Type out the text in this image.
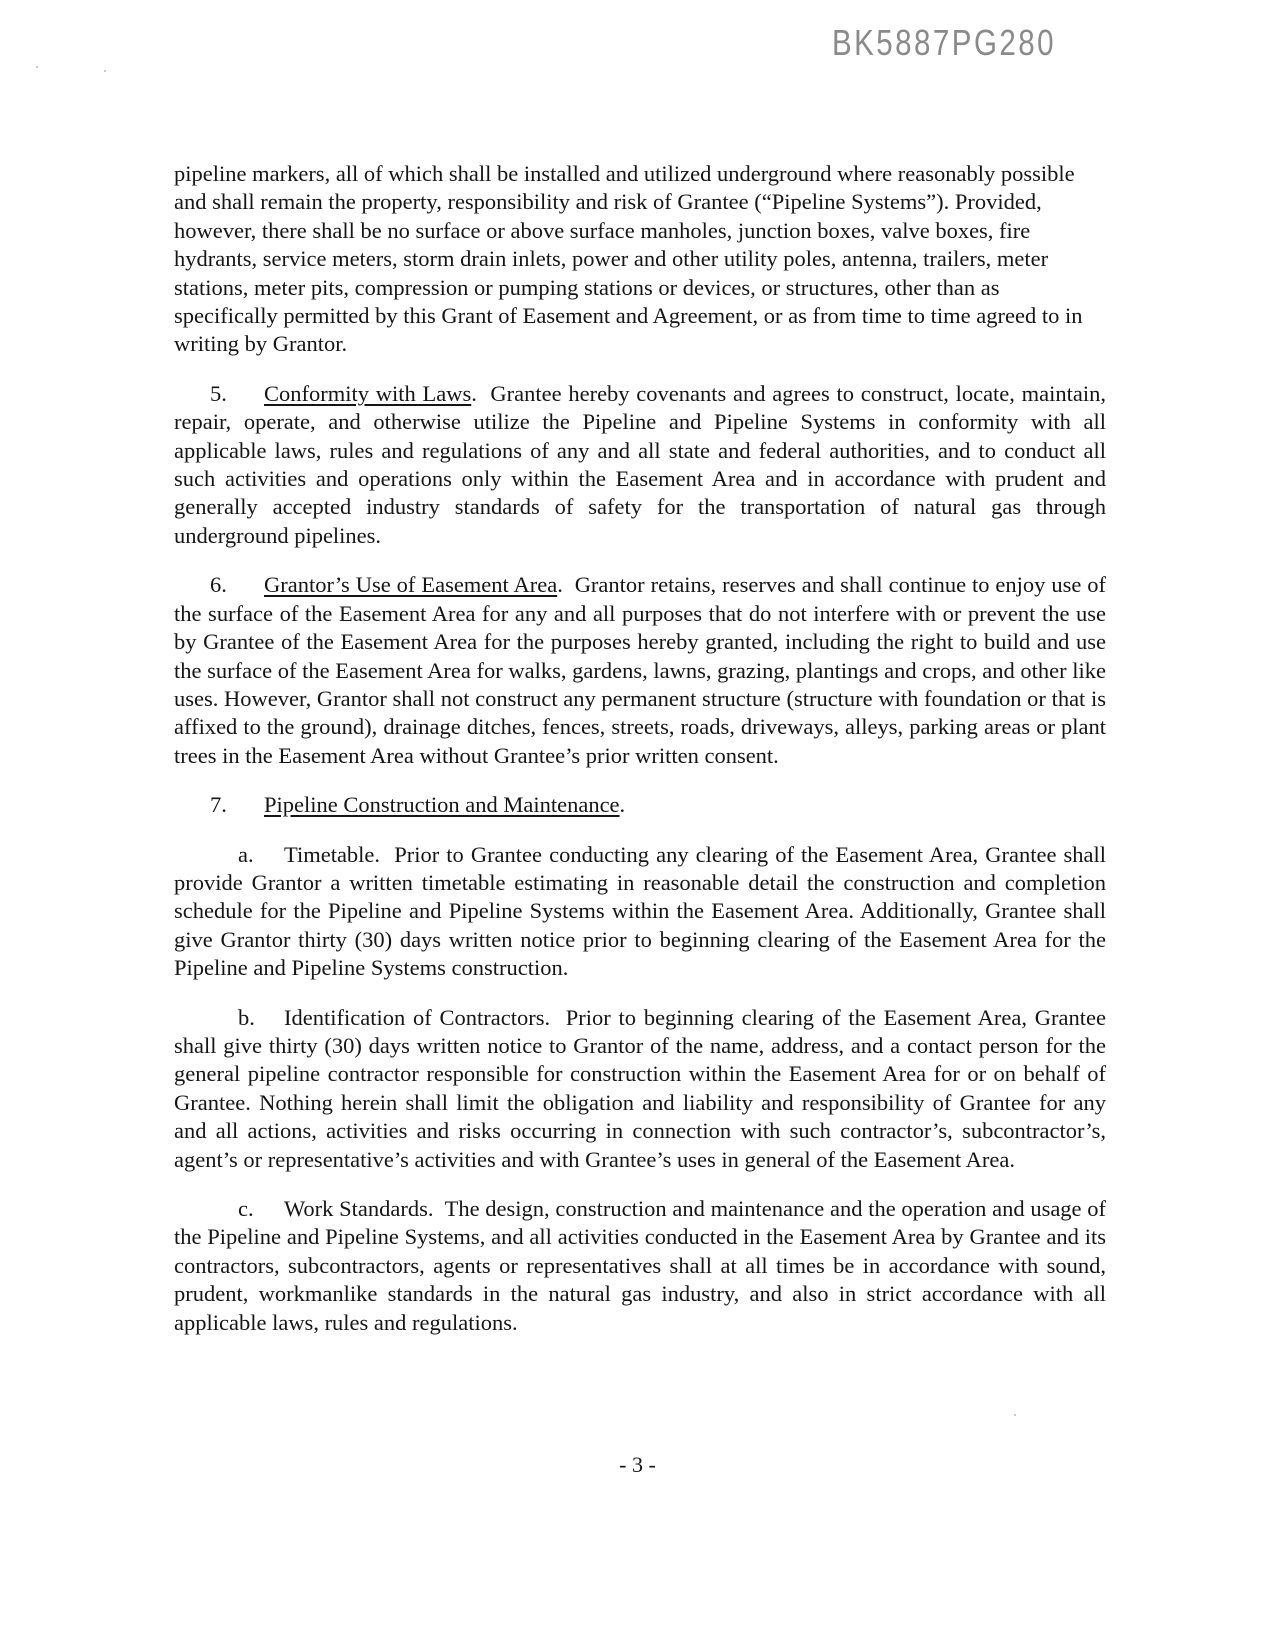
BK5887PG280

pipeline markers, all of which shall be installed and utilized underground where reasonably possible and shall remain the property, responsibility and risk of Grantee (“Pipeline Systems”). Provided, however, there shall be no surface or above surface manholes, junction boxes, valve boxes, fire hydrants, service meters, storm drain inlets, power and other utility poles, antenna, trailers, meter stations, meter pits, compression or pumping stations or devices, or structures, other than as specifically permitted by this Grant of Easement and Agreement, or as from time to time agreed to in writing by Grantor.

5. Conformity with Laws.  Grantee hereby covenants and agrees to construct, locate, maintain, repair, operate, and otherwise utilize the Pipeline and Pipeline Systems in conformity with all applicable laws, rules and regulations of any and all state and federal authorities, and to conduct all such activities and operations only within the Easement Area and in accordance with prudent and generally accepted industry standards of safety for the transportation of natural gas through underground pipelines.

6. Grantor’s Use of Easement Area.  Grantor retains, reserves and shall continue to enjoy use of the surface of the Easement Area for any and all purposes that do not interfere with or prevent the use by Grantee of the Easement Area for the purposes hereby granted, including the right to build and use the surface of the Easement Area for walks, gardens, lawns, grazing, plantings and crops, and other like uses. However, Grantor shall not construct any permanent structure (structure with foundation or that is affixed to the ground), drainage ditches, fences, streets, roads, driveways, alleys, parking areas or plant trees in the Easement Area without Grantee’s prior written consent.

7. Pipeline Construction and Maintenance.

a. Timetable. Prior to Grantee conducting any clearing of the Easement Area, Grantee shall provide Grantor a written timetable estimating in reasonable detail the construction and completion schedule for the Pipeline and Pipeline Systems within the Easement Area. Additionally, Grantee shall give Grantor thirty (30) days written notice prior to beginning clearing of the Easement Area for the Pipeline and Pipeline Systems construction.

b. Identification of Contractors. Prior to beginning clearing of the Easement Area, Grantee shall give thirty (30) days written notice to Grantor of the name, address, and a contact person for the general pipeline contractor responsible for construction within the Easement Area for or on behalf of Grantee. Nothing herein shall limit the obligation and liability and responsibility of Grantee for any and all actions, activities and risks occurring in connection with such contractor’s, subcontractor’s, agent’s or representative’s activities and with Grantee’s uses in general of the Easement Area.

c. Work Standards. The design, construction and maintenance and the operation and usage of the Pipeline and Pipeline Systems, and all activities conducted in the Easement Area by Grantee and its contractors, subcontractors, agents or representatives shall at all times be in accordance with sound, prudent, workmanlike standards in the natural gas industry, and also in strict accordance with all applicable laws, rules and regulations.

- 3 -
